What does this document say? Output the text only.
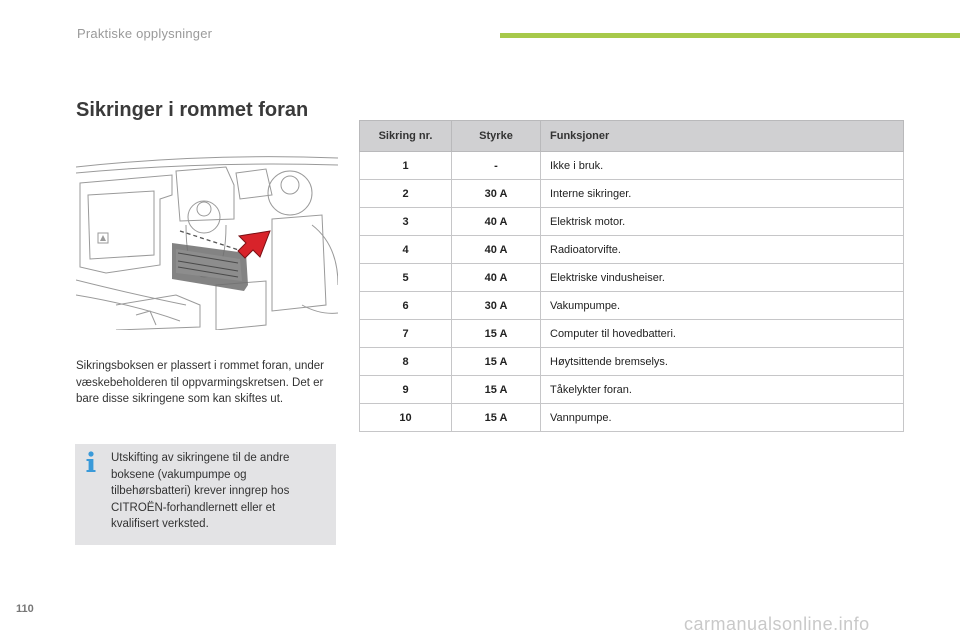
Praktiske opplysninger
Sikringer i rommet foran
Sikringsboksen er plassert i rommet foran, under væskebeholderen til oppvarmingskretsen. Det er bare disse sikringene som kan skiftes ut.
Utskifting av sikringene til de andre boksene (vakumpumpe og tilbehørsbatteri) krever inngrep hos CITROËN-forhandlernett eller et kvalifisert verksted.
Sikring nr.	Styrke	Funksjoner
1	-	Ikke i bruk.
2	30 A	Interne sikringer.
3	40 A	Elektrisk motor.
4	40 A	Radioatorvifte.
5	40 A	Elektriske vindusheiser.
6	30 A	Vakumpumpe.
7	15 A	Computer til hovedbatteri.
8	15 A	Høytsittende bremselys.
9	15 A	Tåkelykter foran.
10	15 A	Vannpumpe.
110
carmanualsonline.info
